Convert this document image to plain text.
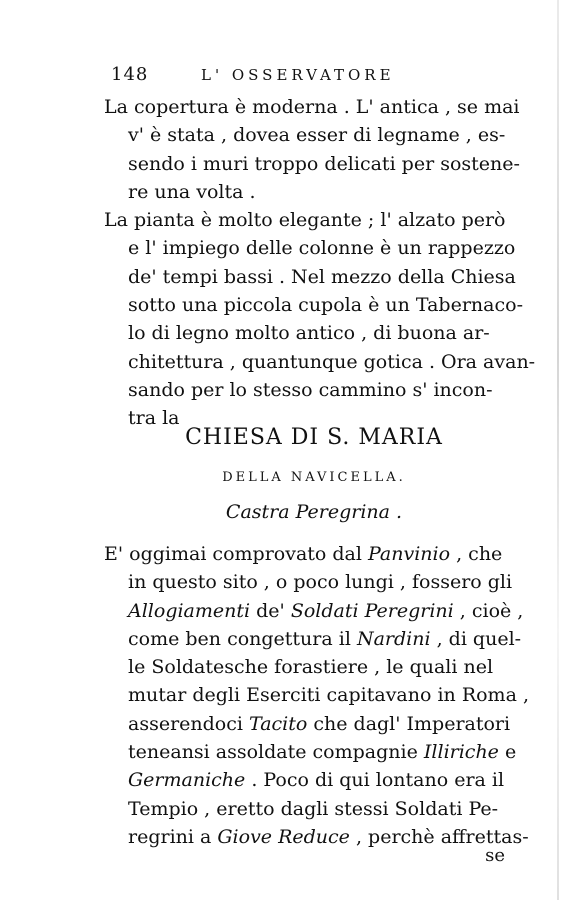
148	L' OSSERVATORE
La copertura è moderna . L' antica , se mai
v' è stata , dovea esser di legname , es-
sendo i muri troppo delicati per sostene-
re una volta .
La pianta è molto elegante ; l' alzato però
e l' impiego delle colonne è un rappezzo
de' tempi bassi . Nel mezzo della Chiesa
sotto una piccola cupola è un Tabernaco-
lo di legno molto antico , di buona ar-
chitettura , quantunque gotica . Ora avan-
sando per lo stesso cammino s' incon-
tra la
CHIESA DI S. MARIA
DELLA NAVICELLA.
Castra Peregrina .
E' oggimai comprovato dal Panvinio , che
in questo sito , o poco lungi , fossero gli
Allogiamenti de' Soldati Peregrini , cioè ,
come ben congettura il Nardini , di quel-
le Soldatesche forastiere , le quali nel
mutar degli Eserciti capitavano in Roma ,
asserendoci Tacito che dagl' Imperatori
teneansi assoldate compagnie Illiriche e
Germaniche . Poco di qui lontano era il
Tempio , eretto dagli stessi Soldati Pe-
regrini a Giove Reduce , perchè affrettas-
se
